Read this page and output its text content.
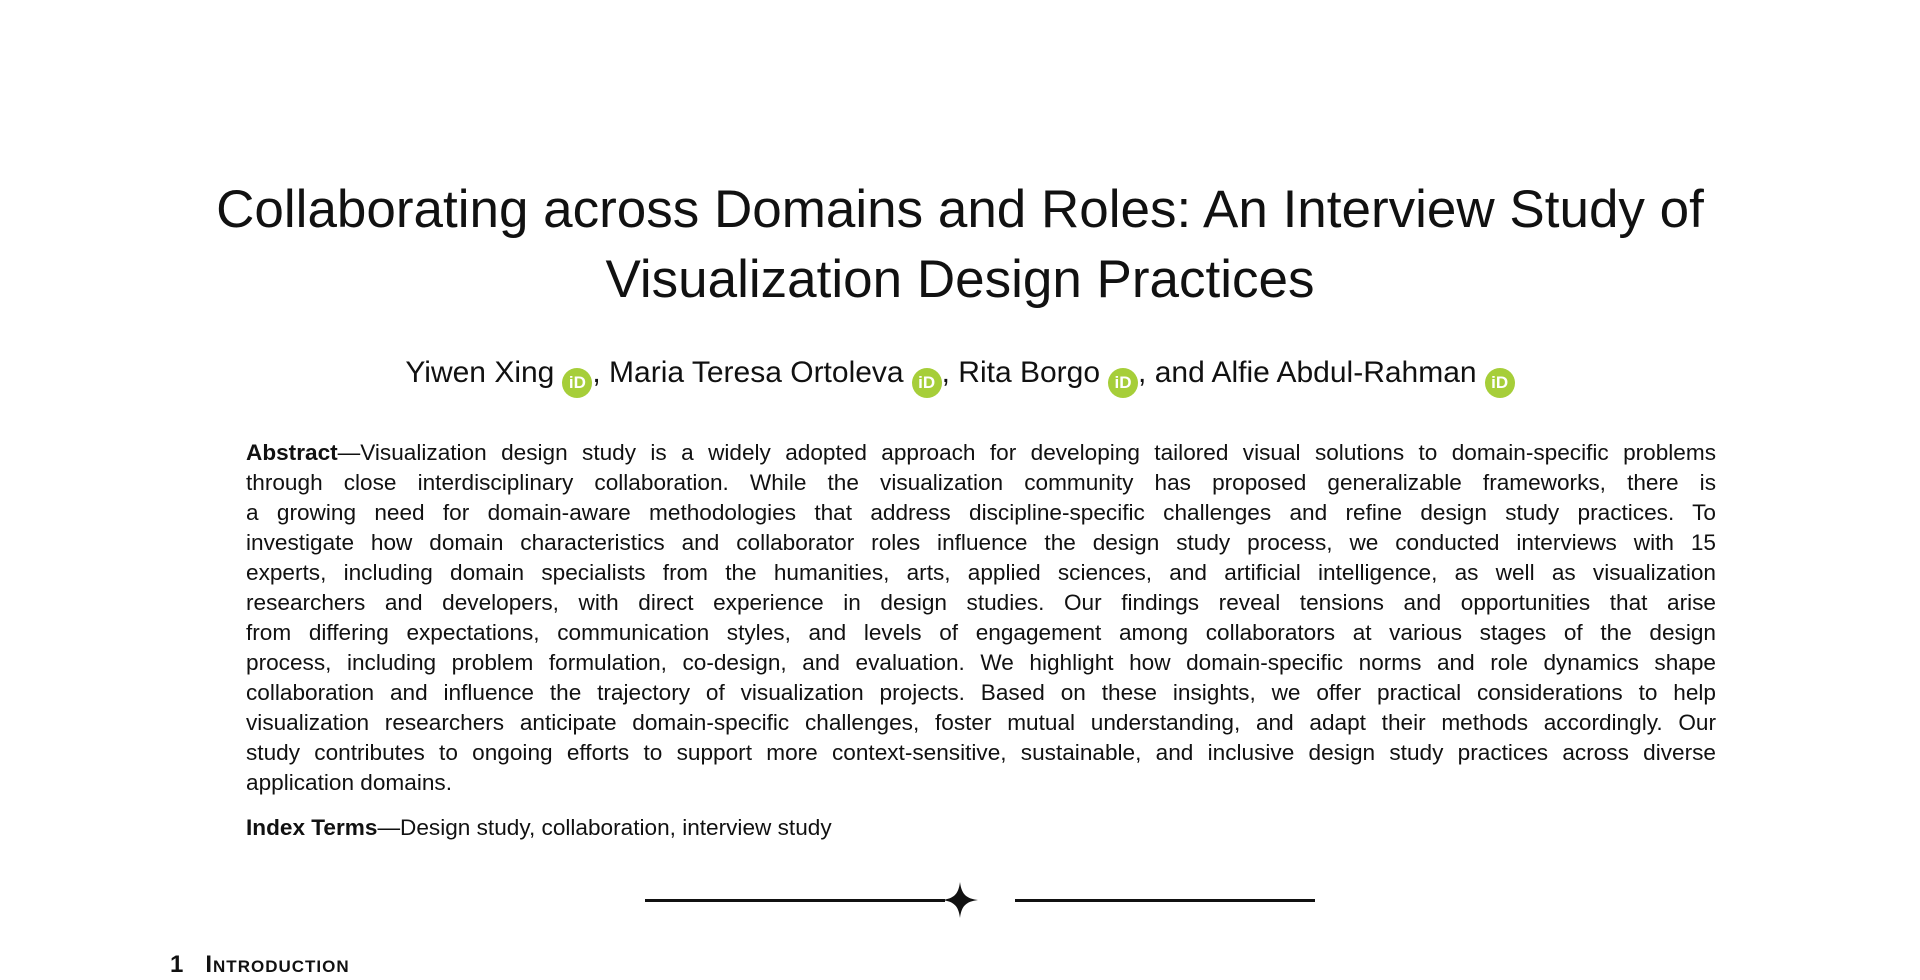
Collaborating across Domains and Roles: An Interview Study of
Visualization Design Practices
Yiwen Xing iD , Maria Teresa Ortoleva iD , Rita Borgo iD , and Alfie Abdul-Rahman iD
Abstract—Visualization design study is a widely adopted approach for developing tailored visual solutions to domain-specific problems
through close interdisciplinary collaboration. While the visualization community has proposed generalizable frameworks, there is
a growing need for domain-aware methodologies that address discipline-specific challenges and refine design study practices. To
investigate how domain characteristics and collaborator roles influence the design study process, we conducted interviews with 15
experts, including domain specialists from the humanities, arts, applied sciences, and artificial intelligence, as well as visualization
researchers and developers, with direct experience in design studies. Our findings reveal tensions and opportunities that arise
from differing expectations, communication styles, and levels of engagement among collaborators at various stages of the design
process, including problem formulation, co-design, and evaluation. We highlight how domain-specific norms and role dynamics shape
collaboration and influence the trajectory of visualization projects. Based on these insights, we offer practical considerations to help
visualization researchers anticipate domain-specific challenges, foster mutual understanding, and adapt their methods accordingly. Our
study contributes to ongoing efforts to support more context-sensitive, sustainable, and inclusive design study practices across diverse
application domains.
Index Terms—Design study, collaboration, interview study
1 Introduction
